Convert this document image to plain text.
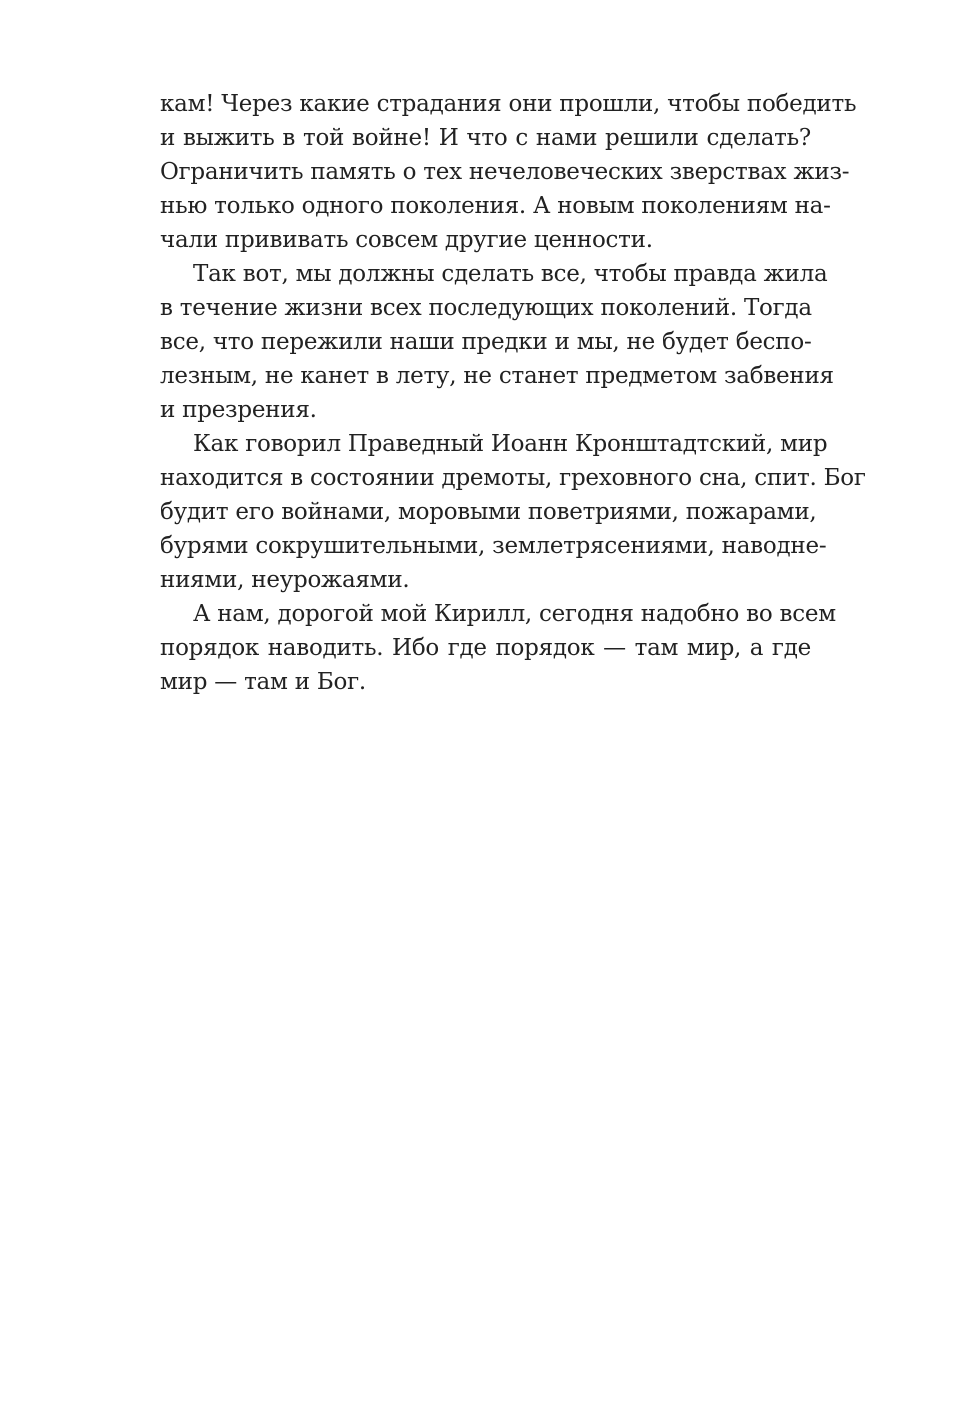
кам! Через какие страдания они прошли, чтобы победить
и выжить в той войне! И что с нами решили сделать?
Ограничить память о тех нечеловеческих зверствах жиз-
нью только одного поколения. А новым поколениям на-
чали прививать совсем другие ценности.

Так вот, мы должны сделать все, чтобы правда жила
в течение жизни всех последующих поколений. Тогда
все, что пережили наши предки и мы, не будет беспо-
лезным, не канет в лету, не станет предметом забвения
и презрения.

Как говорил Праведный Иоанн Кронштадтский, мир
находится в состоянии дремоты, греховного сна, спит. Бог
будит его войнами, моровыми поветриями, пожарами,
бурями сокрушительными, землетрясениями, наводне-
ниями, неурожаями.

А нам, дорогой мой Кирилл, сегодня надобно во всем
порядок наводить. Ибо где порядок — там мир, а где
мир — там и Бог.
